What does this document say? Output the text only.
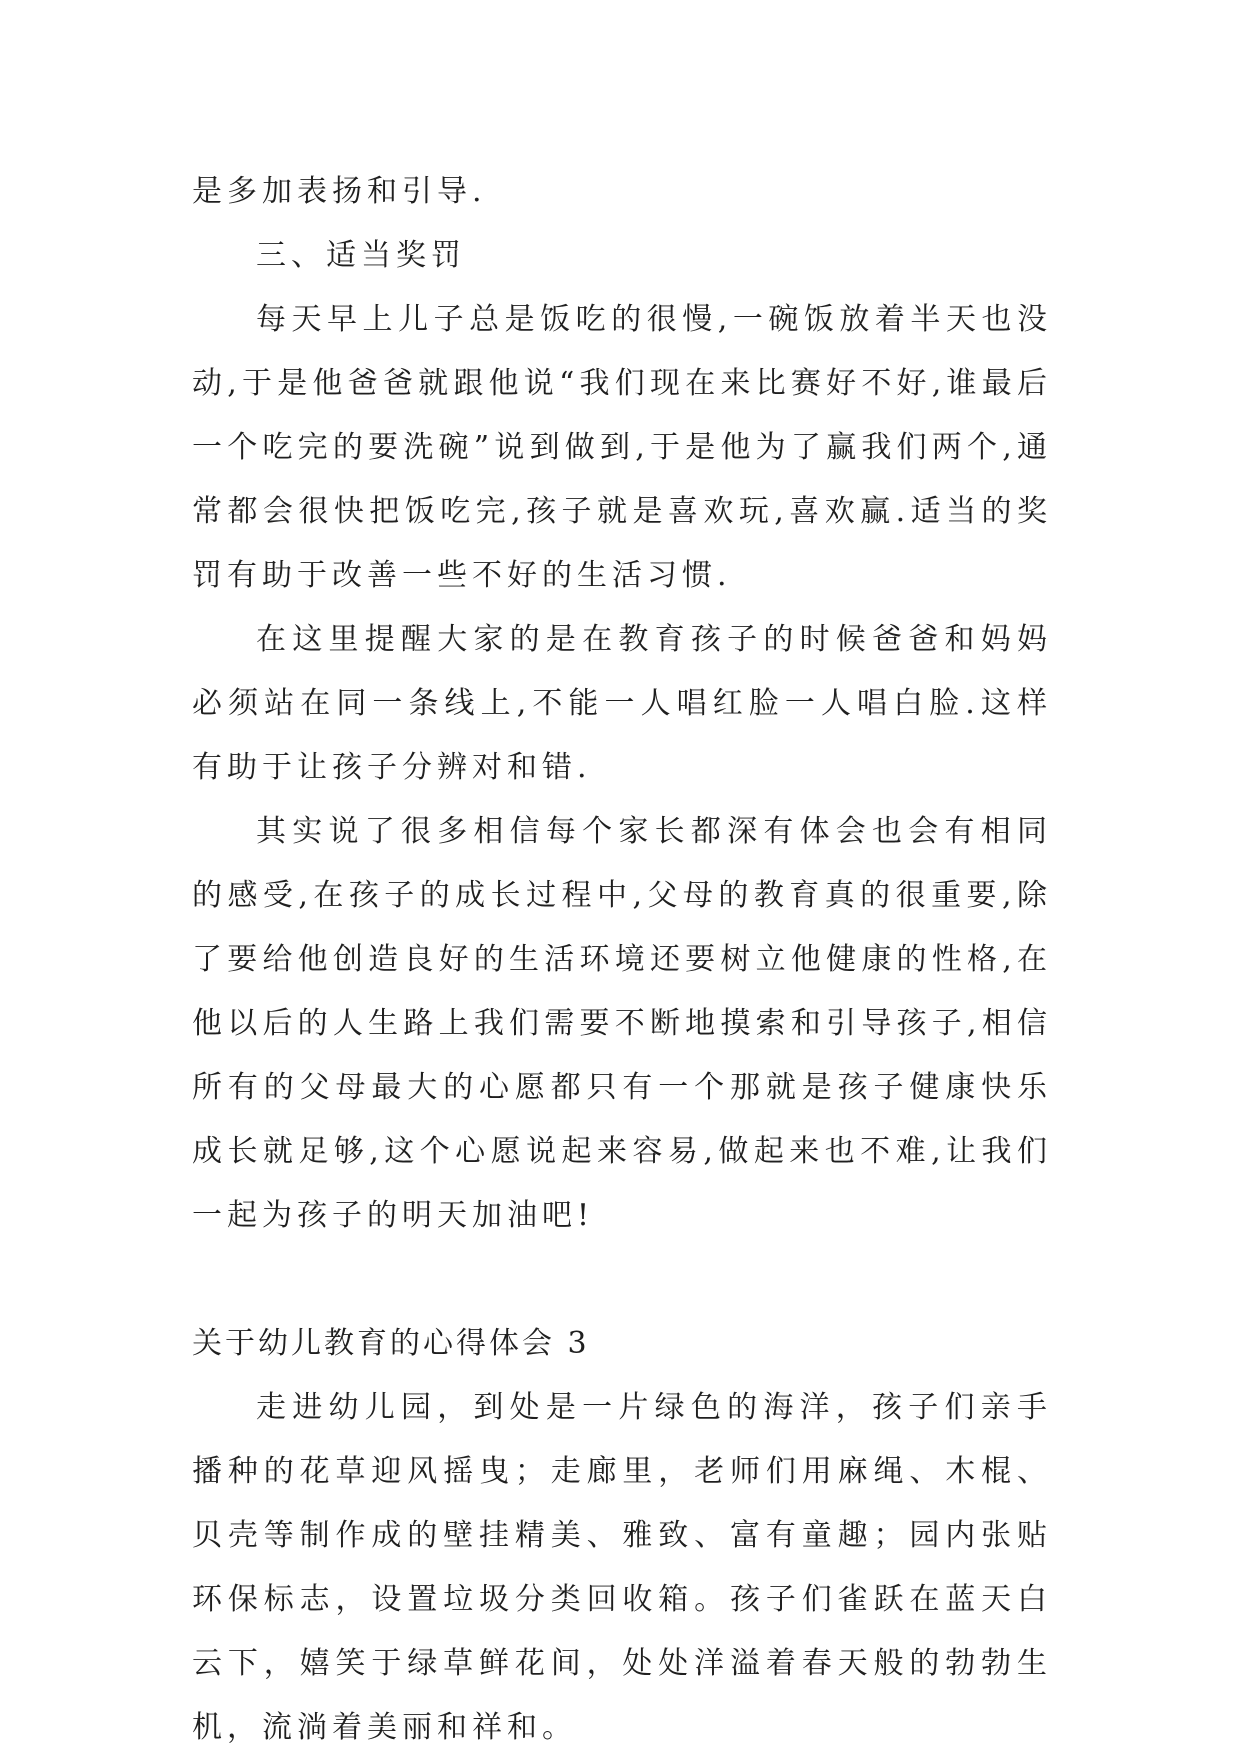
是多加表扬和引导.

三、适当奖罚

每天早上儿子总是饭吃的很慢,一碗饭放着半天也没动,于是他爸爸就跟他说“我们现在来比赛好不好,谁最后一个吃完的要洗碗”说到做到,于是他为了赢我们两个,通常都会很快把饭吃完,孩子就是喜欢玩,喜欢赢.适当的奖罚有助于改善一些不好的生活习惯.

在这里提醒大家的是在教育孩子的时候爸爸和妈妈必须站在同一条线上,不能一人唱红脸一人唱白脸.这样有助于让孩子分辨对和错.

其实说了很多相信每个家长都深有体会也会有相同的感受,在孩子的成长过程中,父母的教育真的很重要,除了要给他创造良好的生活环境还要树立他健康的性格,在他以后的人生路上我们需要不断地摸索和引导孩子,相信所有的父母最大的心愿都只有一个那就是孩子健康快乐成长就足够,这个心愿说起来容易,做起来也不难,让我们一起为孩子的明天加油吧!

关于幼儿教育的心得体会 3

走进幼儿园，到处是一片绿色的海洋，孩子们亲手播种的花草迎风摇曳；走廊里，老师们用麻绳、木棍、贝壳等制作成的壁挂精美、雅致、富有童趣；园内张贴环保标志，设置垃圾分类回收箱。孩子们雀跃在蓝天白云下，嬉笑于绿草鲜花间，处处洋溢着春天般的勃勃生机，流淌着美丽和祥和。
